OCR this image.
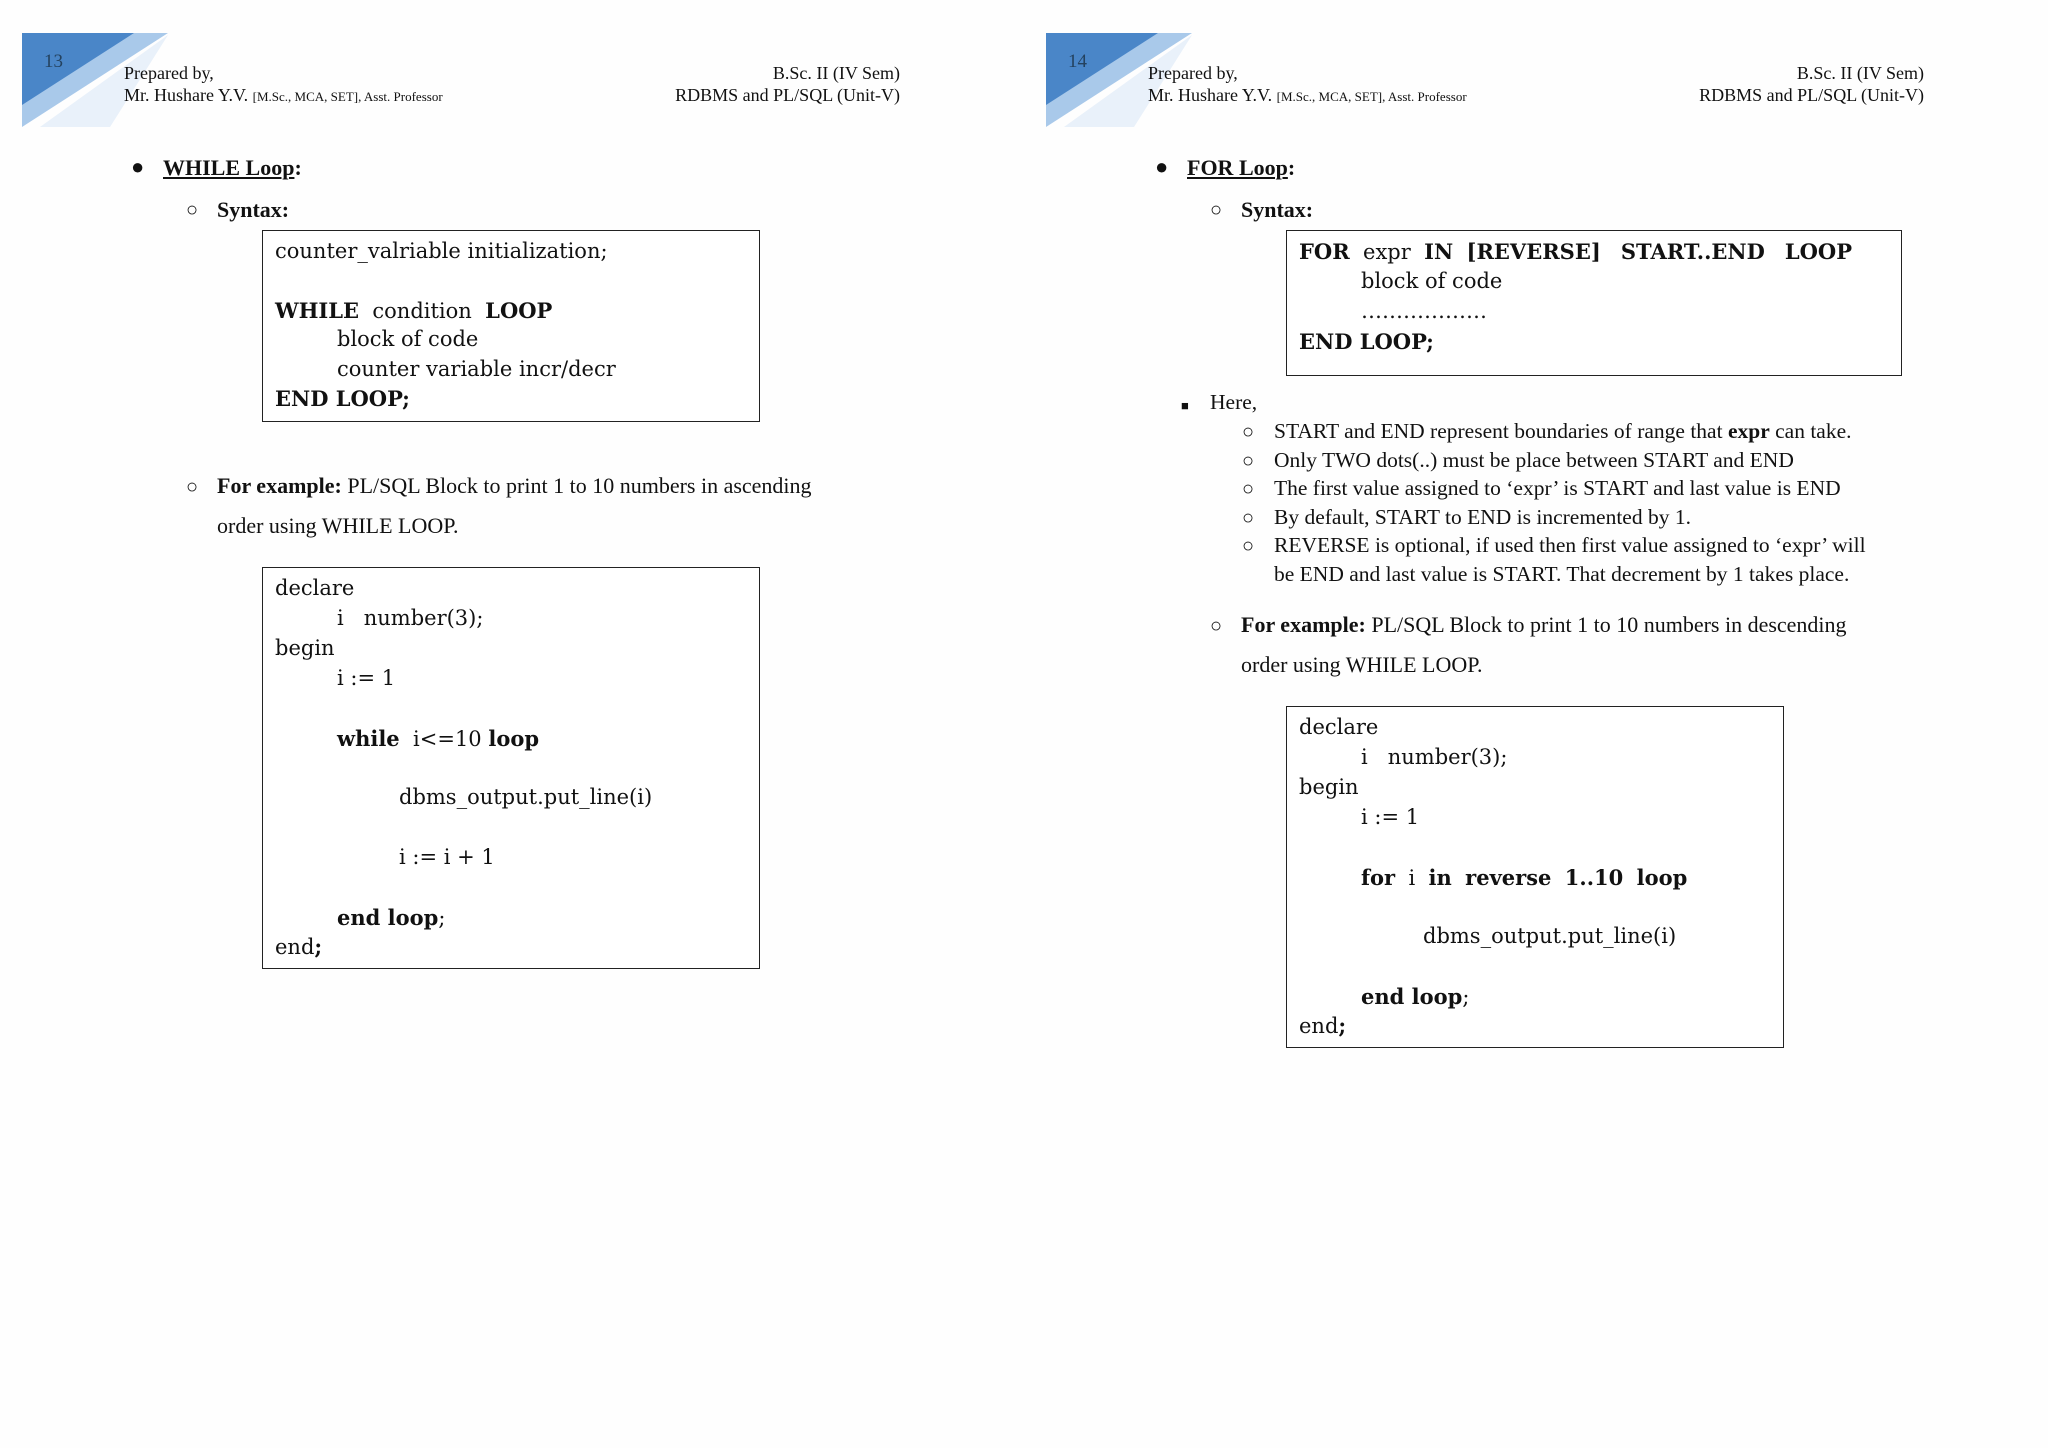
13
Prepared by,
Mr. Hushare Y.V. [M.Sc., MCA, SET], Asst. Professor
B.Sc. II (IV Sem)
RDBMS and PL/SQL (Unit-V)
● WHILE Loop:
○ Syntax:
counter_valriable initialization;
WHILE condition LOOP
block of code
counter variable incr/decr
END LOOP;
○ For example: PL/SQL Block to print 1 to 10 numbers in ascending
order using WHILE LOOP.
declare
i   number(3);
begin
i := 1
while i<=10 loop
dbms_output.put_line(i)
i := i + 1
end loop;
end;
14
Prepared by,
Mr. Hushare Y.V. [M.Sc., MCA, SET], Asst. Professor
B.Sc. II (IV Sem)
RDBMS and PL/SQL (Unit-V)
● FOR Loop:
○ Syntax:
FOR expr IN [REVERSE] START..END LOOP
block of code
………………
END LOOP;
■ Here,
○ START and END represent boundaries of range that expr can take.
○ Only TWO dots(..) must be place between START and END
○ The first value assigned to ‘expr’ is START and last value is END
○ By default, START to END is incremented by 1.
○ REVERSE is optional, if used then first value assigned to ‘expr’ will
be END and last value is START. That decrement by 1 takes place.
○ For example: PL/SQL Block to print 1 to 10 numbers in descending
order using WHILE LOOP.
declare
i   number(3);
begin
i := 1
for i in reverse 1..10 loop
dbms_output.put_line(i)
end loop;
end;
